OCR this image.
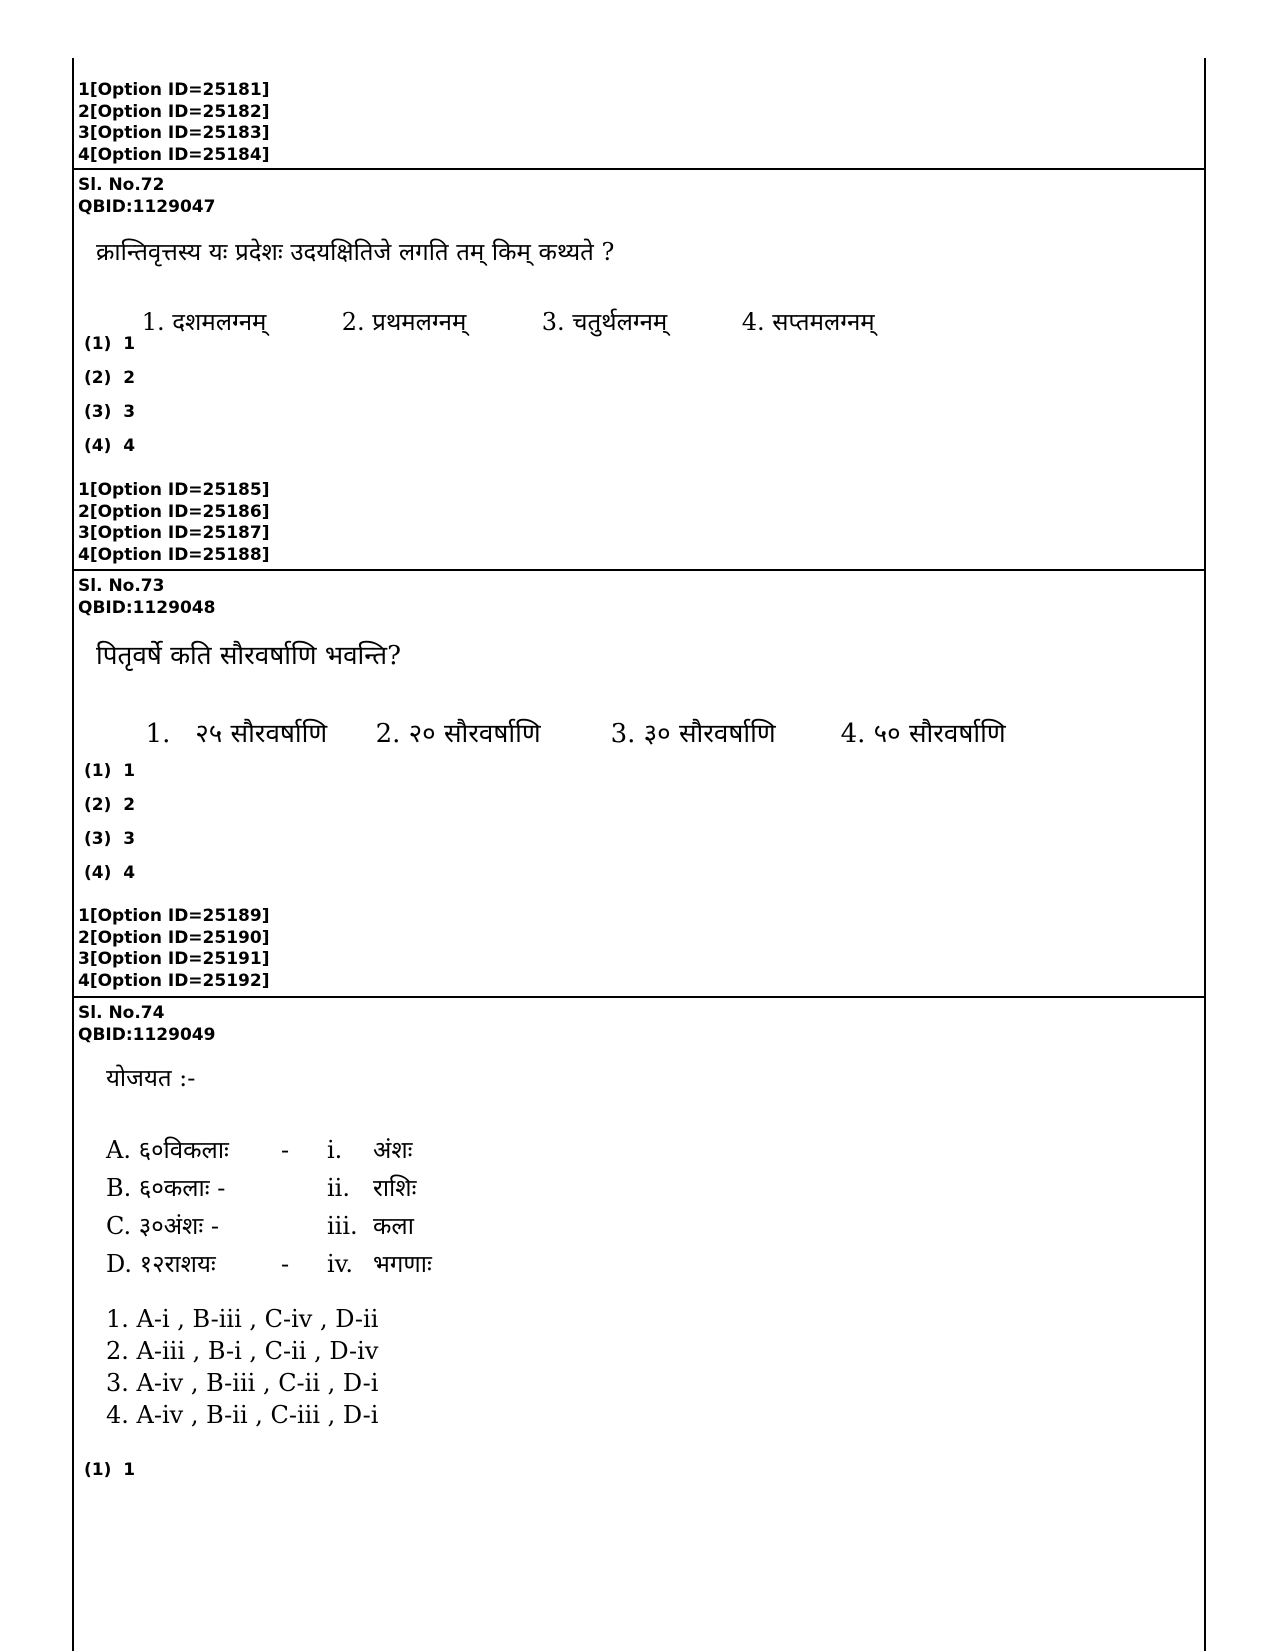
1[Option ID=25181]
2[Option ID=25182]
3[Option ID=25183]
4[Option ID=25184]
Sl. No.72
QBID:1129047
क्रान्तिवृत्तस्य यः प्रदेशः उदयक्षितिजे लगति तम् किम् कथ्यते ?

1. दशमलग्नम्	2. प्रथमलग्नम्	3. चतुर्थलग्नम्	4. सप्तमलग्नम्

(1)  1
(2)  2
(3)  3
(4)  4
1[Option ID=25185]
2[Option ID=25186]
3[Option ID=25187]
4[Option ID=25188]
Sl. No.73
QBID:1129048
पितृवर्षे कति सौरवर्षाणि भवन्ति?

1.   २५ सौरवर्षाणि 2. २० सौरवर्षाणि	3. ३० सौरवर्षाणि 4. ५० सौरवर्षाणि

(1)  1
(2)  2
(3)  3
(4)  4
1[Option ID=25189]
2[Option ID=25190]
3[Option ID=25191]
4[Option ID=25192]
Sl. No.74
QBID:1129049
योजयत :-
A. ६०विकलाः - i. अंशः
B. ६०कलाः -	ii. राशिः
C. ३०अंशः -	iii. कला
D. १२राशयः	- iv. भगणाः
1. A-i , B-iii , C-iv , D-ii
2. A-iii , B-i , C-ii , D-iv
3. A-iv , B-iii , C-ii , D-i
4. A-iv , B-ii , C-iii , D-i
(1)  1
